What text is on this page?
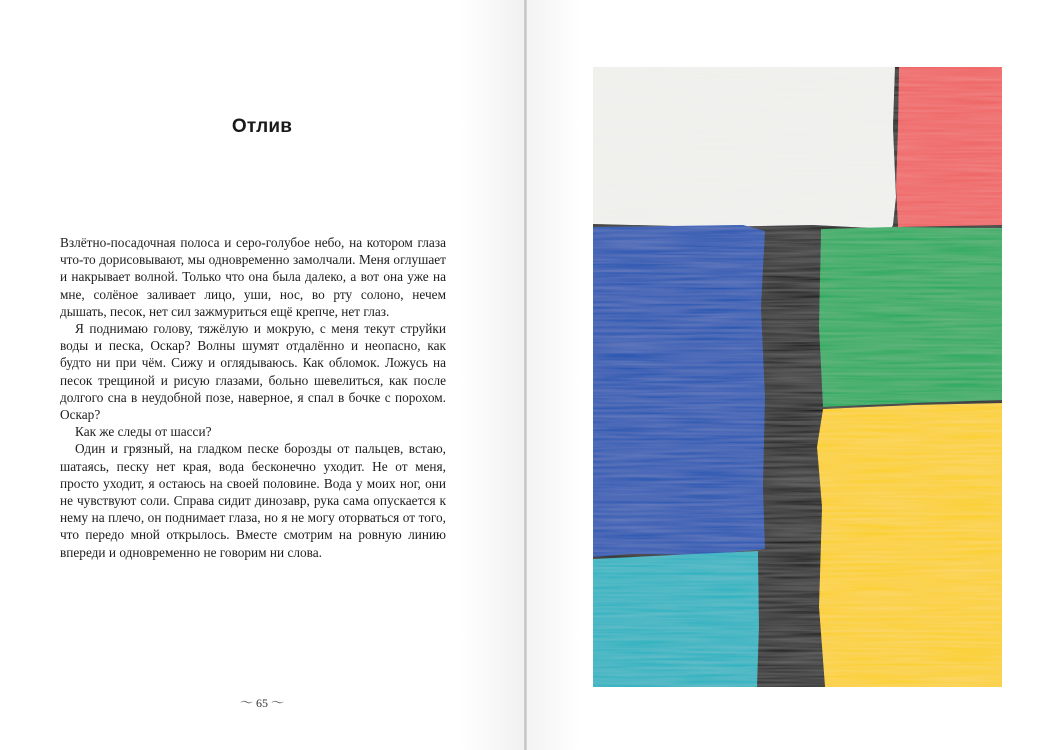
Отлив

Взлётно-посадочная полоса и серо-голубое небо, на котором глаза что-то дорисовывают, мы одновременно замолчали. Меня оглушает и накрывает волной. Только что она была далеко, а вот она уже на мне, солёное заливает лицо, уши, нос, во рту солоно, нечем дышать, песок, нет сил зажмуриться ещё крепче, нет глаз.

Я поднимаю голову, тяжёлую и мокрую, с меня текут струйки воды и песка, Оскар? Волны шумят отдалённо и неопасно, как будто ни при чём. Сижу и оглядываюсь. Как обломок. Ложусь на песок трещиной и рисую глазами, больно шевелиться, как после долгого сна в неудобной позе, наверное, я спал в бочке с порохом. Оскар?

Как же следы от шасси?

Один и грязный, на гладком песке борозды от пальцев, встаю, шатаясь, песку нет края, вода бесконечно уходит. Не от меня, просто уходит, я остаюсь на своей половине. Вода у моих ног, они не чувствуют соли. Справа сидит динозавр, рука сама опускается к нему на плечо, он поднимает глаза, но я не могу оторваться от того, что передо мной открылось. Вместе смотрим на ровную линию впереди и одновременно не говорим ни слова.

〜 65 〜
